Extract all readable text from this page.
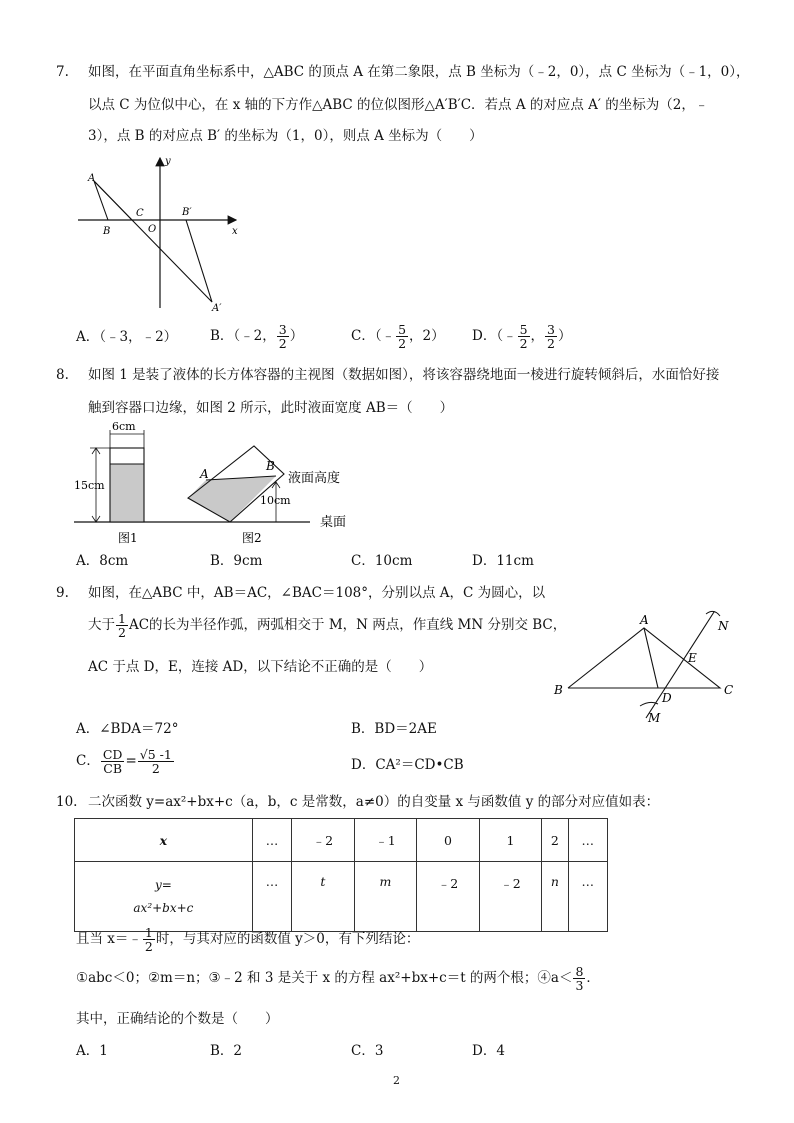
7. 如图，在平面直角坐标系中，△ABC 的顶点 A 在第二象限，点 B 坐标为（﹣2，0），点 C 坐标为（﹣1，0），
以点 C 为位似中心，在 x 轴的下方作△ABC 的位似图形△A′B′C．若点 A 的对应点 A′ 的坐标为（2，﹣
3），点 B 的对应点 B′ 的坐标为（1，0），则点 A 坐标为（　　）
y
x
A
B
C
O
B′
A′
A．（﹣3，﹣2） B．（﹣2， $\frac{3}{2}$ ）	C．（﹣ $\frac{5}{2}$ ，2） D．（﹣ $\frac{5}{2}$ ， $\frac{3}{2}$ ）
8. 如图 1 是装了液体的长方体容器的主视图（数据如图），将该容器绕地面一棱进行旋转倾斜后，水面恰好接
触到容器口边缘，如图 2 所示，此时液面宽度 AB＝（　　）
6cm
15cm
图1
A
B
液面高度
10cm
图2
桌面
A．8cm	B．9cm	C．10cm	D．11cm
9. 如图，在△ABC 中，AB＝AC，∠BAC＝108°，分别以点 A，C 为圆心，以
大于 $\frac{1}{2}$ AC的长为半径作弧，两弧相交于 M，N 两点，作直线 MN 分别交 BC，
AC 于点 D，E，连接 AD，以下结论不正确的是（　　）
A
B	C
D
E
M
N
A．∠BDA＝72°	B．BD＝2AE
C． $\frac{CD}{CB} = \frac{√5 -1}{2}$	D．CA²＝CD•CB
10. 二次函数 y=ax²+bx+c（a，b，c 是常数，a≠0）的自变量 x 与函数值 y 的部分对应值如表：
x	…	﹣2	﹣1	0	1	2	…

y=
ax²+bx+c	…	t	m	﹣2	﹣2	n	…
且当 x＝﹣ $\frac{1}{2}$ 时，与其对应的函数值 y＞0，有下列结论：
①abc＜0；②m＝n；③﹣2 和 3 是关于 x 的方程 ax²+bx+c＝t 的两个根；④a＜ $\frac{8}{3}$ ．
其中，正确结论的个数是（　　）
A．1	B．2	C．3	D．4
2
